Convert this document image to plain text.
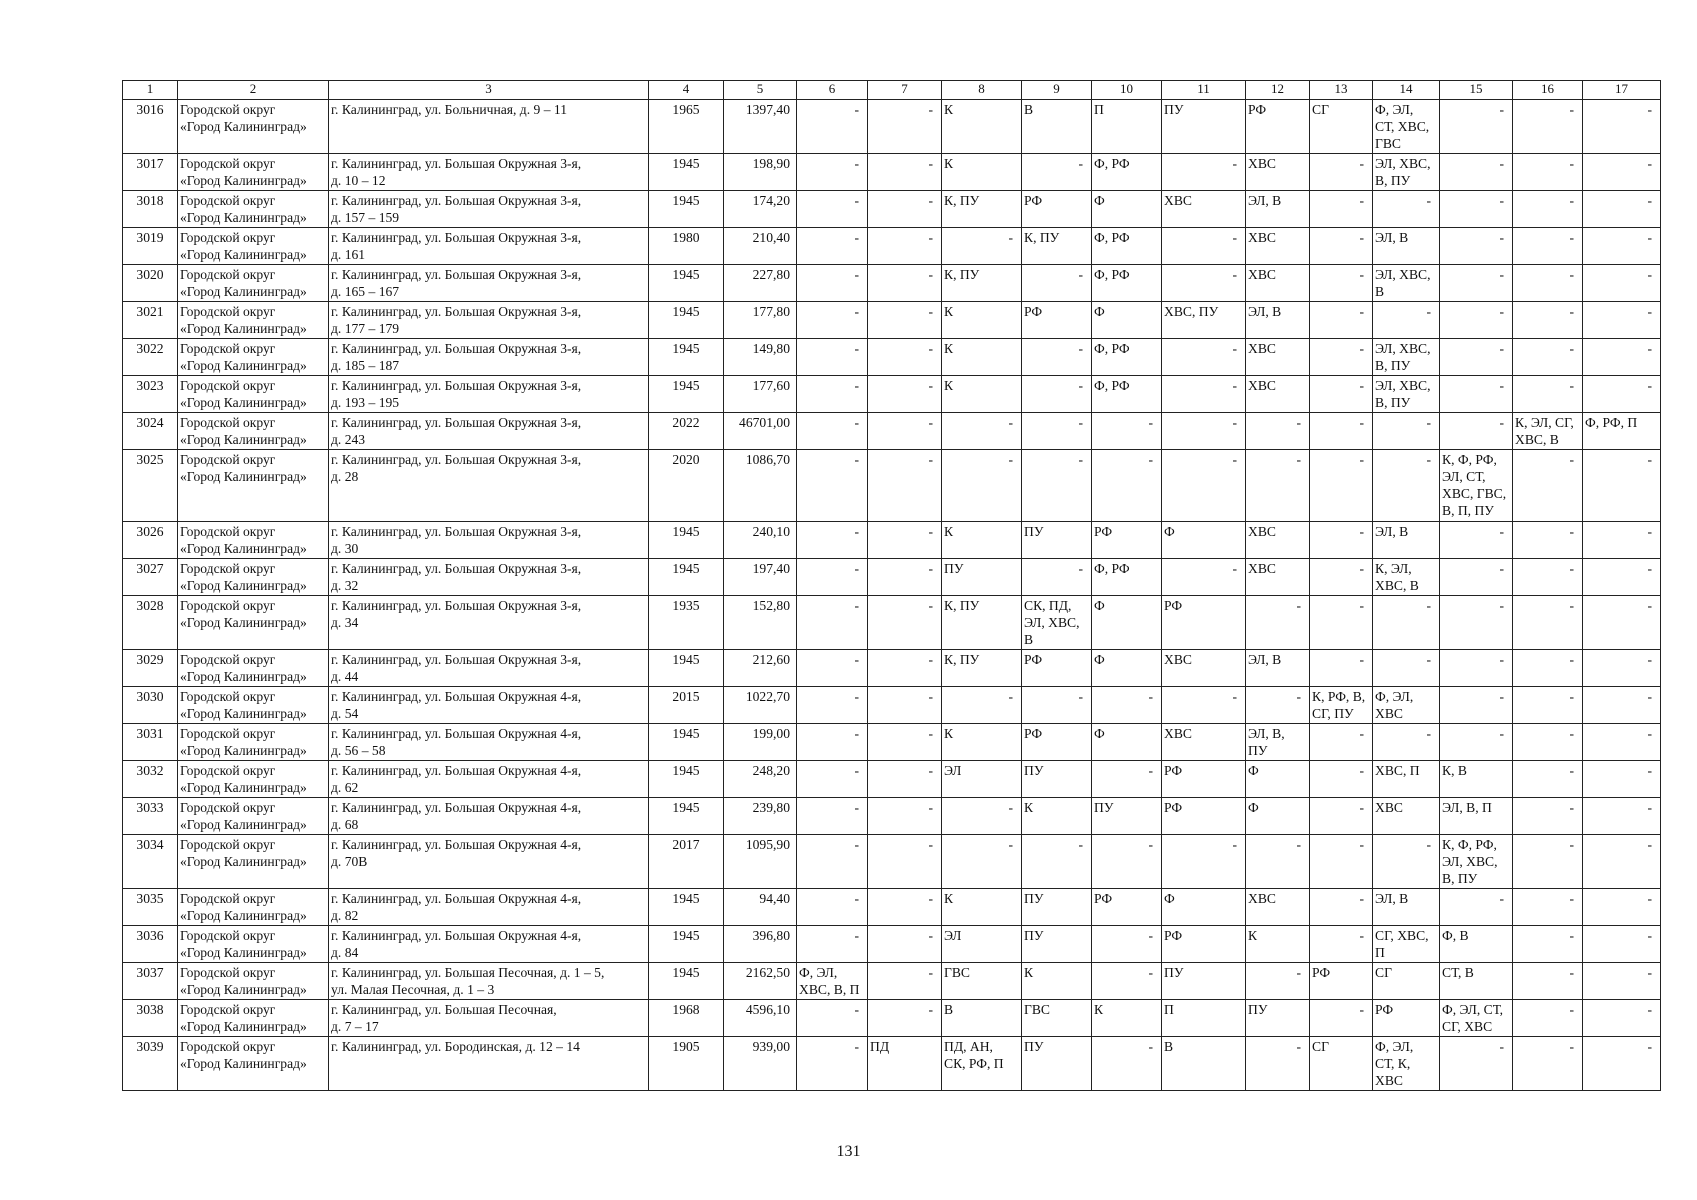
1	2	3	4	5	6	7	8	9	10	11	12	13	14	15	16	17
3016	Городской округ
«Город Калининград»	г. Калининград, ул. Больничная, д. 9 – 11	1965	1397,40	-	-	К	В	П	ПУ	РФ	СГ	Ф, ЭЛ,
СТ, ХВС,
ГВС	-	-	-
3017	Городской округ
«Город Калининград»	г. Калининград, ул. Большая Окружная 3-я,
д. 10 – 12	1945	198,90	-	-	К	-	Ф, РФ	-	ХВС	-	ЭЛ, ХВС,
В, ПУ	-	-	-
3018	Городской округ
«Город Калининград»	г. Калининград, ул. Большая Окружная 3-я,
д. 157 – 159	1945	174,20	-	-	К, ПУ	РФ	Ф	ХВС	ЭЛ, В	-	-	-	-	-
3019	Городской округ
«Город Калининград»	г. Калининград, ул. Большая Окружная 3-я,
д. 161	1980	210,40	-	-	-	К, ПУ	Ф, РФ	-	ХВС	-	ЭЛ, В	-	-	-
3020	Городской округ
«Город Калининград»	г. Калининград, ул. Большая Окружная 3-я,
д. 165 – 167	1945	227,80	-	-	К, ПУ	-	Ф, РФ	-	ХВС	-	ЭЛ, ХВС,
В	-	-	-
3021	Городской округ
«Город Калининград»	г. Калининград, ул. Большая Окружная 3-я,
д. 177 – 179	1945	177,80	-	-	К	РФ	Ф	ХВС, ПУ	ЭЛ, В	-	-	-	-	-
3022	Городской округ
«Город Калининград»	г. Калининград, ул. Большая Окружная 3-я,
д. 185 – 187	1945	149,80	-	-	К	-	Ф, РФ	-	ХВС	-	ЭЛ, ХВС,
В, ПУ	-	-	-
3023	Городской округ
«Город Калининград»	г. Калининград, ул. Большая Окружная 3-я,
д. 193 – 195	1945	177,60	-	-	К	-	Ф, РФ	-	ХВС	-	ЭЛ, ХВС,
В, ПУ	-	-	-
3024	Городской округ
«Город Калининград»	г. Калининград, ул. Большая Окружная 3-я,
д. 243	2022	46701,00	-	-	-	-	-	-	-	-	-	-	К, ЭЛ, СГ,
ХВС, В	Ф, РФ, П
3025	Городской округ
«Город Калининград»	г. Калининград, ул. Большая Окружная 3-я,
д. 28	2020	1086,70	-	-	-	-	-	-	-	-	-	К, Ф, РФ,
ЭЛ, СТ,
ХВС, ГВС,
В, П, ПУ	-	-
3026	Городской округ
«Город Калининград»	г. Калининград, ул. Большая Окружная 3-я,
д. 30	1945	240,10	-	-	К	ПУ	РФ	Ф	ХВС	-	ЭЛ, В	-	-	-
3027	Городской округ
«Город Калининград»	г. Калининград, ул. Большая Окружная 3-я,
д. 32	1945	197,40	-	-	ПУ	-	Ф, РФ	-	ХВС	-	К, ЭЛ,
ХВС, В	-	-	-
3028	Городской округ
«Город Калининград»	г. Калининград, ул. Большая Окружная 3-я,
д. 34	1935	152,80	-	-	К, ПУ	СК, ПД,
ЭЛ, ХВС,
В	Ф	РФ	-	-	-	-	-	-
3029	Городской округ
«Город Калининград»	г. Калининград, ул. Большая Окружная 3-я,
д. 44	1945	212,60	-	-	К, ПУ	РФ	Ф	ХВС	ЭЛ, В	-	-	-	-	-
3030	Городской округ
«Город Калининград»	г. Калининград, ул. Большая Окружная 4-я,
д. 54	2015	1022,70	-	-	-	-	-	-	-	К, РФ, В,
СГ, ПУ	Ф, ЭЛ,
ХВС	-	-	-
3031	Городской округ
«Город Калининград»	г. Калининград, ул. Большая Окружная 4-я,
д. 56 – 58	1945	199,00	-	-	К	РФ	Ф	ХВС	ЭЛ, В,
ПУ	-	-	-	-	-
3032	Городской округ
«Город Калининград»	г. Калининград, ул. Большая Окружная 4-я,
д. 62	1945	248,20	-	-	ЭЛ	ПУ	-	РФ	Ф	-	ХВС, П	К, В	-	-
3033	Городской округ
«Город Калининград»	г. Калининград, ул. Большая Окружная 4-я,
д. 68	1945	239,80	-	-	-	К	ПУ	РФ	Ф	-	ХВС	ЭЛ, В, П	-	-
3034	Городской округ
«Город Калининград»	г. Калининград, ул. Большая Окружная 4-я,
д. 70В	2017	1095,90	-	-	-	-	-	-	-	-	-	К, Ф, РФ,
ЭЛ, ХВС,
В, ПУ	-	-
3035	Городской округ
«Город Калининград»	г. Калининград, ул. Большая Окружная 4-я,
д. 82	1945	94,40	-	-	К	ПУ	РФ	Ф	ХВС	-	ЭЛ, В	-	-	-
3036	Городской округ
«Город Калининград»	г. Калининград, ул. Большая Окружная 4-я,
д. 84	1945	396,80	-	-	ЭЛ	ПУ	-	РФ	К	-	СГ, ХВС,
П	Ф, В	-	-
3037	Городской округ
«Город Калининград»	г. Калининград, ул. Большая Песочная, д. 1 – 5,
ул. Малая Песочная, д. 1 – 3	1945	2162,50	Ф, ЭЛ,
ХВС, В, П	-	ГВС	К	-	ПУ	-	РФ	СГ	СТ, В	-	-
3038	Городской округ
«Город Калининград»	г. Калининград, ул. Большая Песочная,
д. 7 – 17	1968	4596,10	-	-	В	ГВС	К	П	ПУ	-	РФ	Ф, ЭЛ, СТ,
СГ, ХВС	-	-
3039	Городской округ
«Город Калининград»	г. Калининград, ул. Бородинская, д. 12 – 14	1905	939,00	-	ПД	ПД, АН,
СК, РФ, П	ПУ	-	В	-	СГ	Ф, ЭЛ,
СТ, К,
ХВС	-	-	-
131
